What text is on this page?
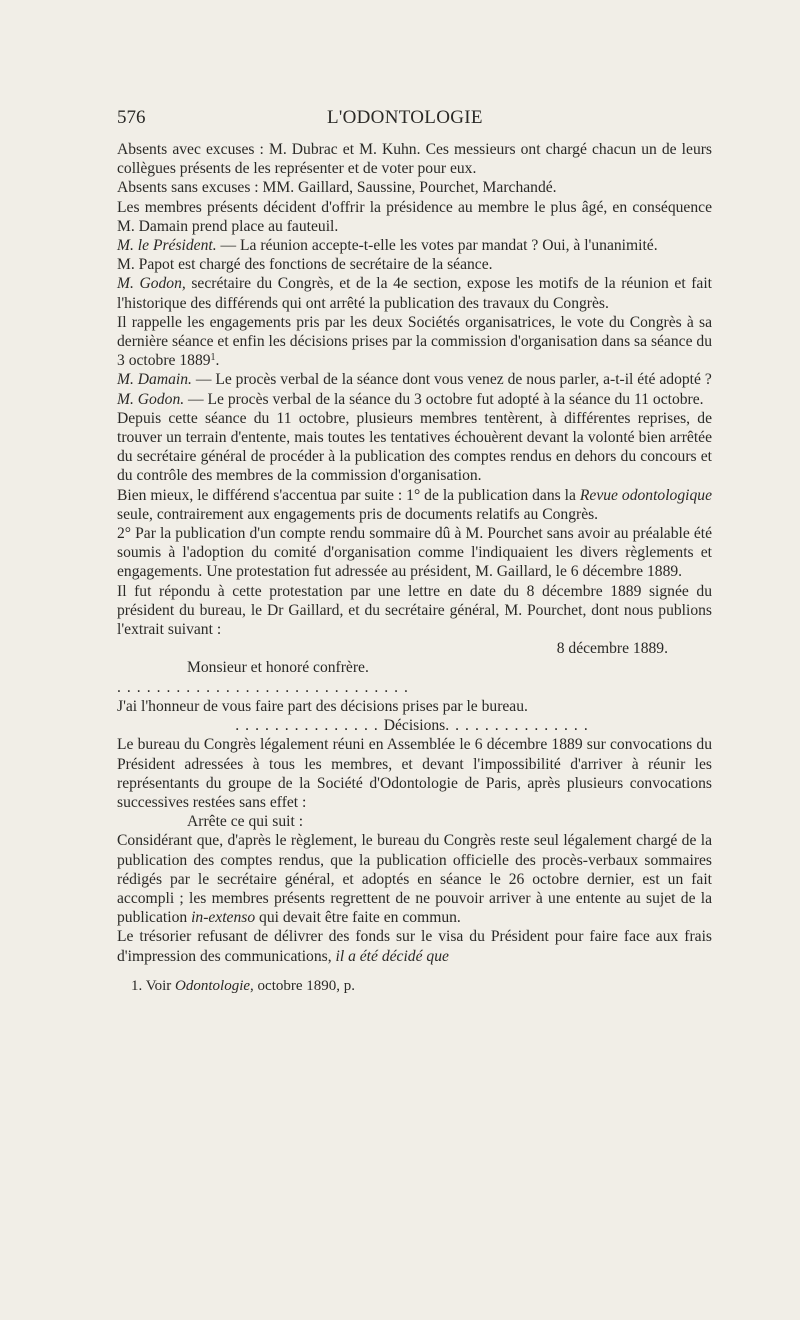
576	L'ODONTOLOGIE

Absents avec excuses : M. Dubrac et M. Kuhn. Ces messieurs ont chargé chacun un de leurs collègues présents de les représenter et de voter pour eux.

Absents sans excuses : MM. Gaillard, Saussine, Pourchet, Marchandé.

Les membres présents décident d'offrir la présidence au membre le plus âgé, en conséquence M. Damain prend place au fauteuil.

M. le Président. — La réunion accepte-t-elle les votes par mandat ? Oui, à l'unanimité.

M. Papot est chargé des fonctions de secrétaire de la séance.

M. Godon, secrétaire du Congrès, et de la 4e section, expose les motifs de la réunion et fait l'historique des différends qui ont arrêté la publication des travaux du Congrès.

Il rappelle les engagements pris par les deux Sociétés organisatrices, le vote du Congrès à sa dernière séance et enfin les décisions prises par la commission d'organisation dans sa séance du 3 octobre 1889$^1$.

M. Damain. — Le procès verbal de la séance dont vous venez de nous parler, a-t-il été adopté ?

M. Godon. — Le procès verbal de la séance du 3 octobre fut adopté à la séance du 11 octobre.

Depuis cette séance du 11 octobre, plusieurs membres tentèrent, à différentes reprises, de trouver un terrain d'entente, mais toutes les tentatives échouèrent devant la volonté bien arrêtée du secrétaire général de procéder à la publication des comptes rendus en dehors du concours et du contrôle des membres de la commission d'organisation.

Bien mieux, le différend s'accentua par suite : 1° de la publication dans la Revue odontologique seule, contrairement aux engagements pris de documents relatifs au Congrès.

2° Par la publication d'un compte rendu sommaire dû à M. Pourchet sans avoir au préalable été soumis à l'adoption du comité d'organisation comme l'indiquaient les divers règlements et engagements. Une protestation fut adressée au président, M. Gaillard, le 6 décembre 1889.

Il fut répondu à cette protestation par une lettre en date du 8 décembre 1889 signée du président du bureau, le Dr Gaillard, et du secrétaire général, M. Pourchet, dont nous publions l'extrait suivant :

8 décembre 1889.

Monsieur et honoré confrère.

..............................

J'ai l'honneur de vous faire part des décisions prises par le bureau.

...............Décisions...............

Le bureau du Congrès légalement réuni en Assemblée le 6 décembre 1889 sur convocations du Président adressées à tous les membres, et devant l'impossibilité d'arriver à réunir les représentants du groupe de la Société d'Odontologie de Paris, après plusieurs convocations successives restées sans effet :

Arrête ce qui suit :

Considérant que, d'après le règlement, le bureau du Congrès reste seul légalement chargé de la publication des comptes rendus, que la publication officielle des procès-verbaux sommaires rédigés par le secrétaire général, et adoptés en séance le 26 octobre dernier, est un fait accompli ; les membres présents regrettent de ne pouvoir arriver à une entente au sujet de la publication in-extenso qui devait être faite en commun.

Le trésorier refusant de délivrer des fonds sur le visa du Président pour faire face aux frais d'impression des communications, il a été décidé que

1. Voir Odontologie, octobre 1890, p.
